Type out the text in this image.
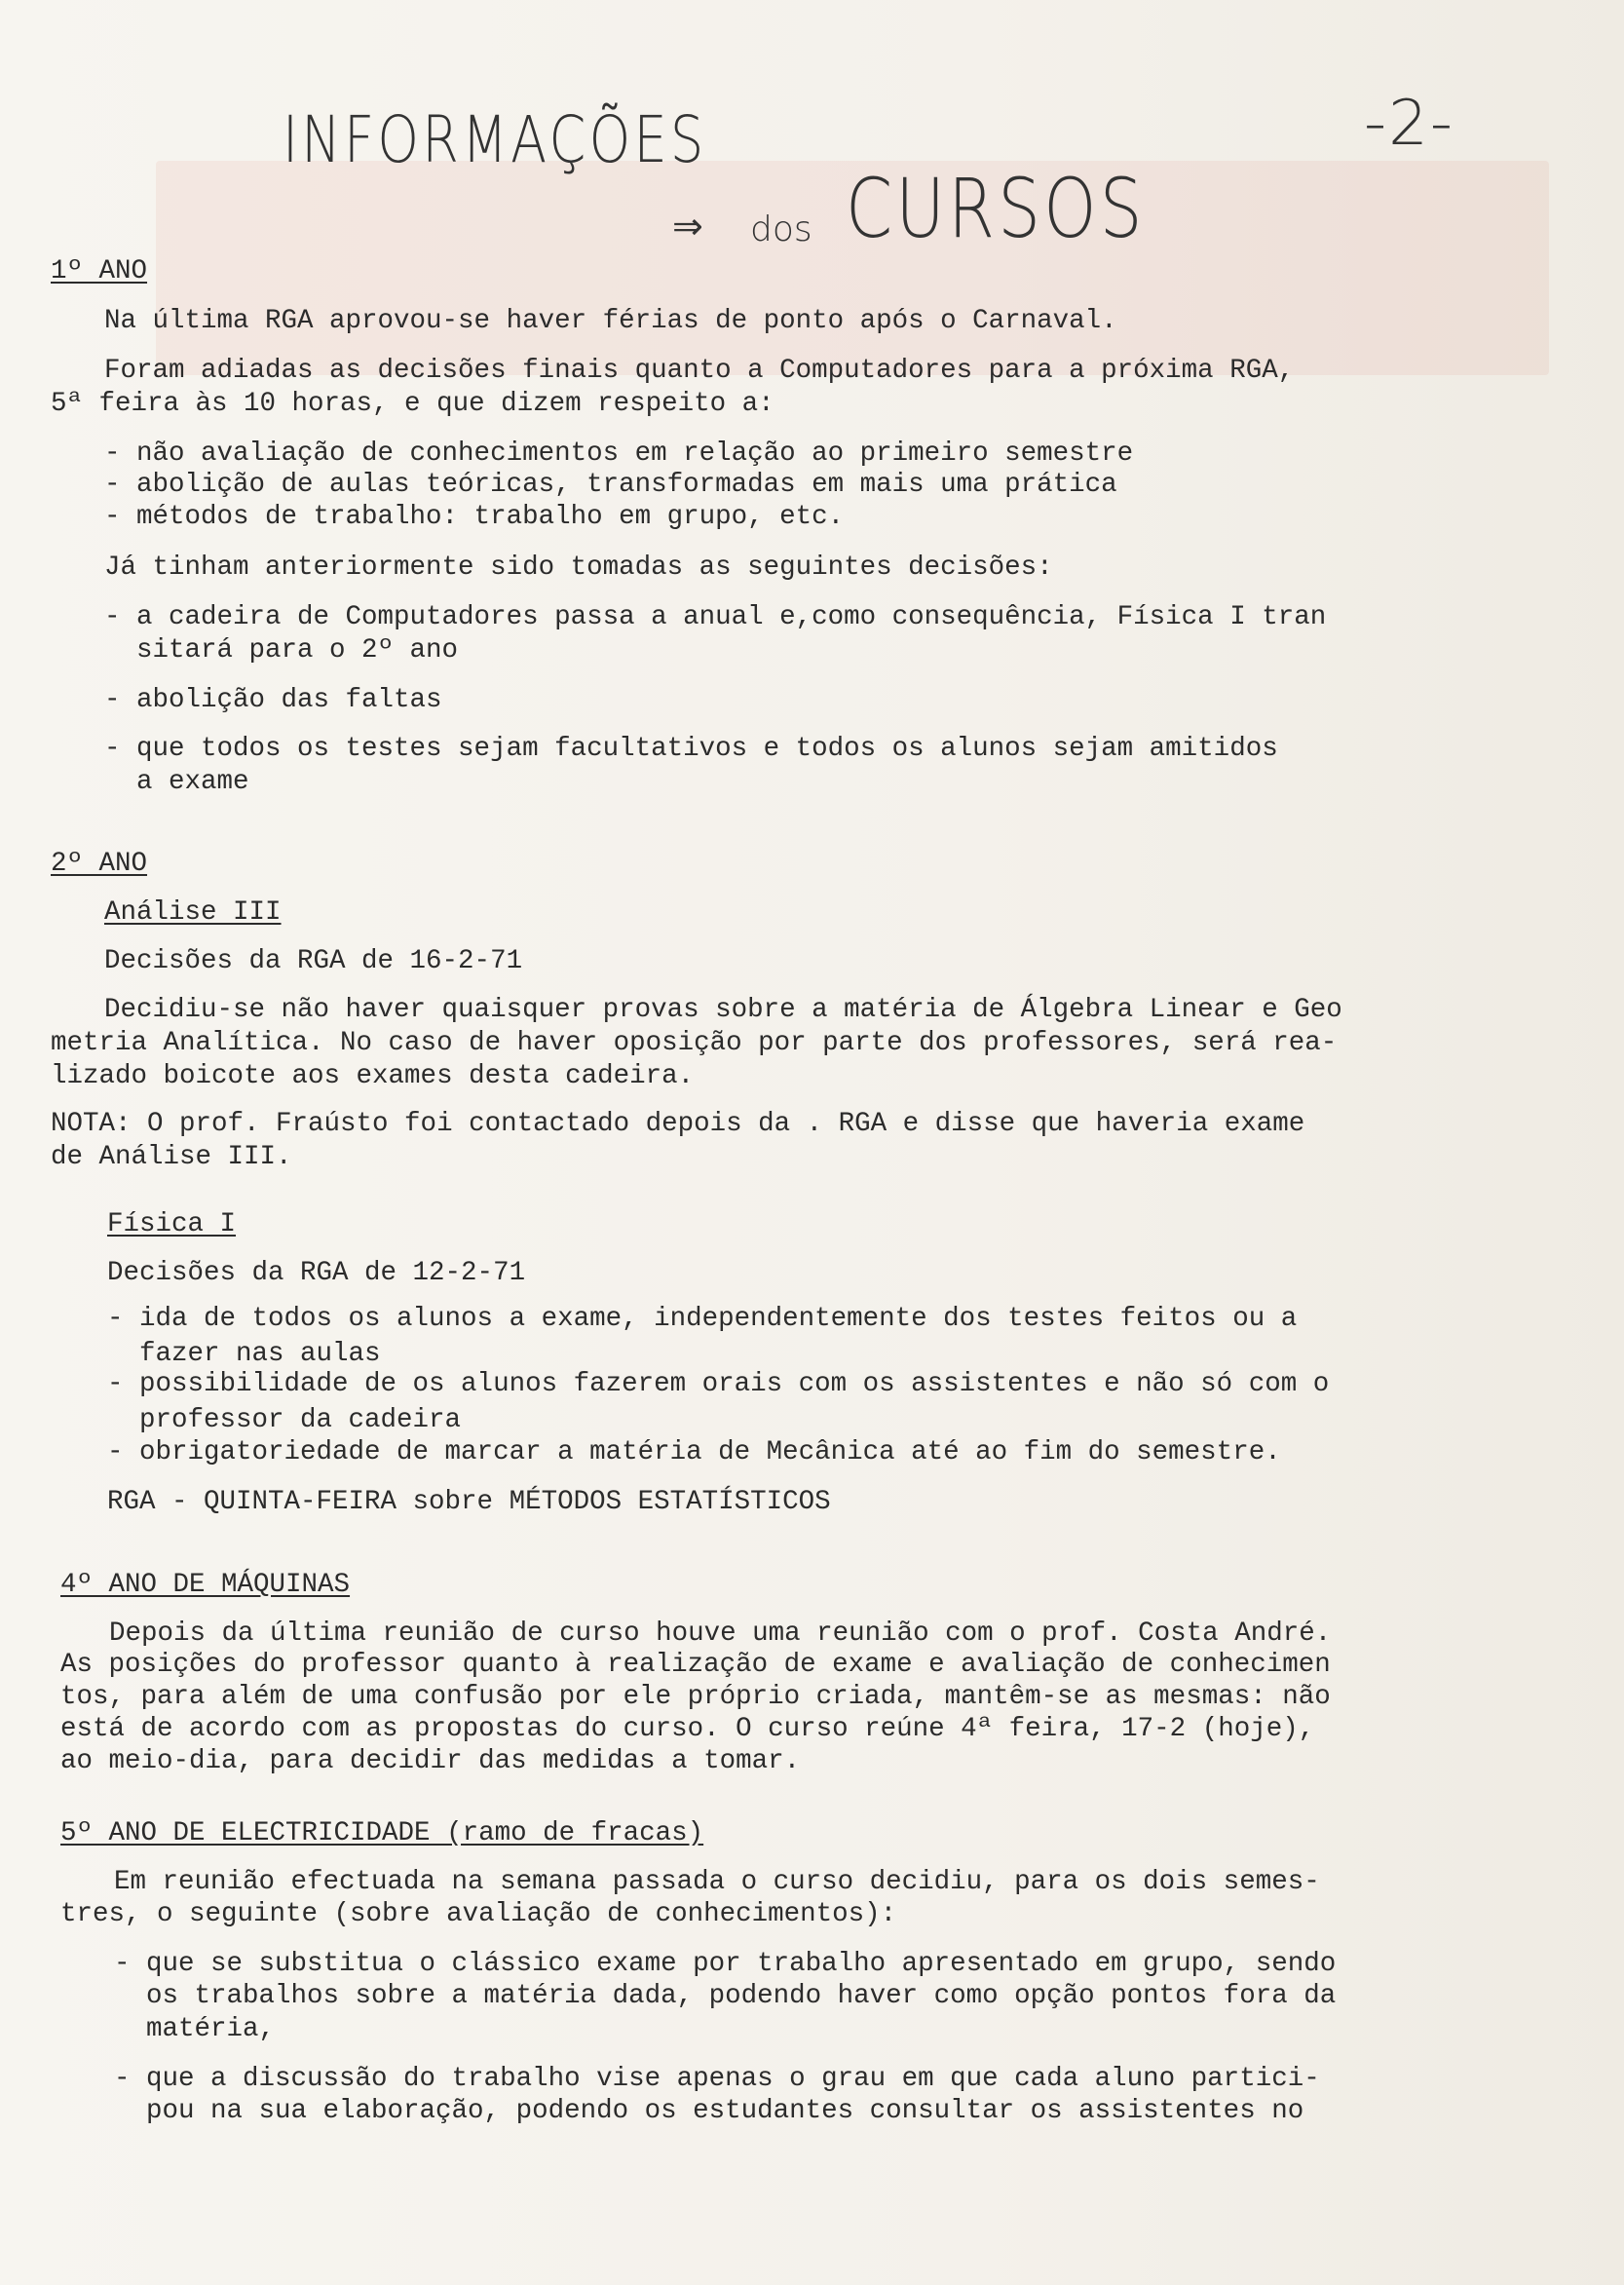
INFORMAÇÕES
⇒ dos CURSOS
-2-
1º ANO
Na última RGA aprovou-se haver férias de ponto após o Carnaval.
Foram adiadas as decisões finais quanto a Computadores para a próxima RGA,
5ª feira às 10 horas, e que dizem respeito a:
- não avaliação de conhecimentos em relação ao primeiro semestre
- abolição de aulas teóricas, transformadas em mais uma prática
- métodos de trabalho: trabalho em grupo, etc.
Já tinham anteriormente sido tomadas as seguintes decisões:
- a cadeira de Computadores passa a anual e,como consequência, Física I tran
sitará para o 2º ano
- abolição das faltas
- que todos os testes sejam facultativos e todos os alunos sejam amitidos
a exame
2º ANO
Análise III
Decisões da RGA de 16-2-71
Decidiu-se não haver quaisquer provas sobre a matéria de Álgebra Linear e Geo
metria Analítica. No caso de haver oposição por parte dos professores, será rea-
lizado boicote aos exames desta cadeira.
NOTA: O prof. Fraústo foi contactado depois da . RGA e disse que haveria exame
de Análise III.
Física I
Decisões da RGA de 12-2-71
- ida de todos os alunos a exame, independentemente dos testes feitos ou a
fazer nas aulas
- possibilidade de os alunos fazerem orais com os assistentes e não só com o
professor da cadeira
- obrigatoriedade de marcar a matéria de Mecânica até ao fim do semestre.
RGA - QUINTA-FEIRA sobre MÉTODOS ESTATÍSTICOS
4º ANO DE MÁQUINAS
Depois da última reunião de curso houve uma reunião com o prof. Costa André.
As posições do professor quanto à realização de exame e avaliação de conhecimen
tos, para além de uma confusão por ele próprio criada, mantêm-se as mesmas: não
está de acordo com as propostas do curso. O curso reúne 4ª feira, 17-2 (hoje),
ao meio-dia, para decidir das medidas a tomar.
5º ANO DE ELECTRICIDADE (ramo de fracas)
Em reunião efectuada na semana passada o curso decidiu, para os dois semes-
tres, o seguinte (sobre avaliação de conhecimentos):
- que se substitua o clássico exame por trabalho apresentado em grupo, sendo
os trabalhos sobre a matéria dada, podendo haver como opção pontos fora da
matéria,
- que a discussão do trabalho vise apenas o grau em que cada aluno partici-
pou na sua elaboração, podendo os estudantes consultar os assistentes no
